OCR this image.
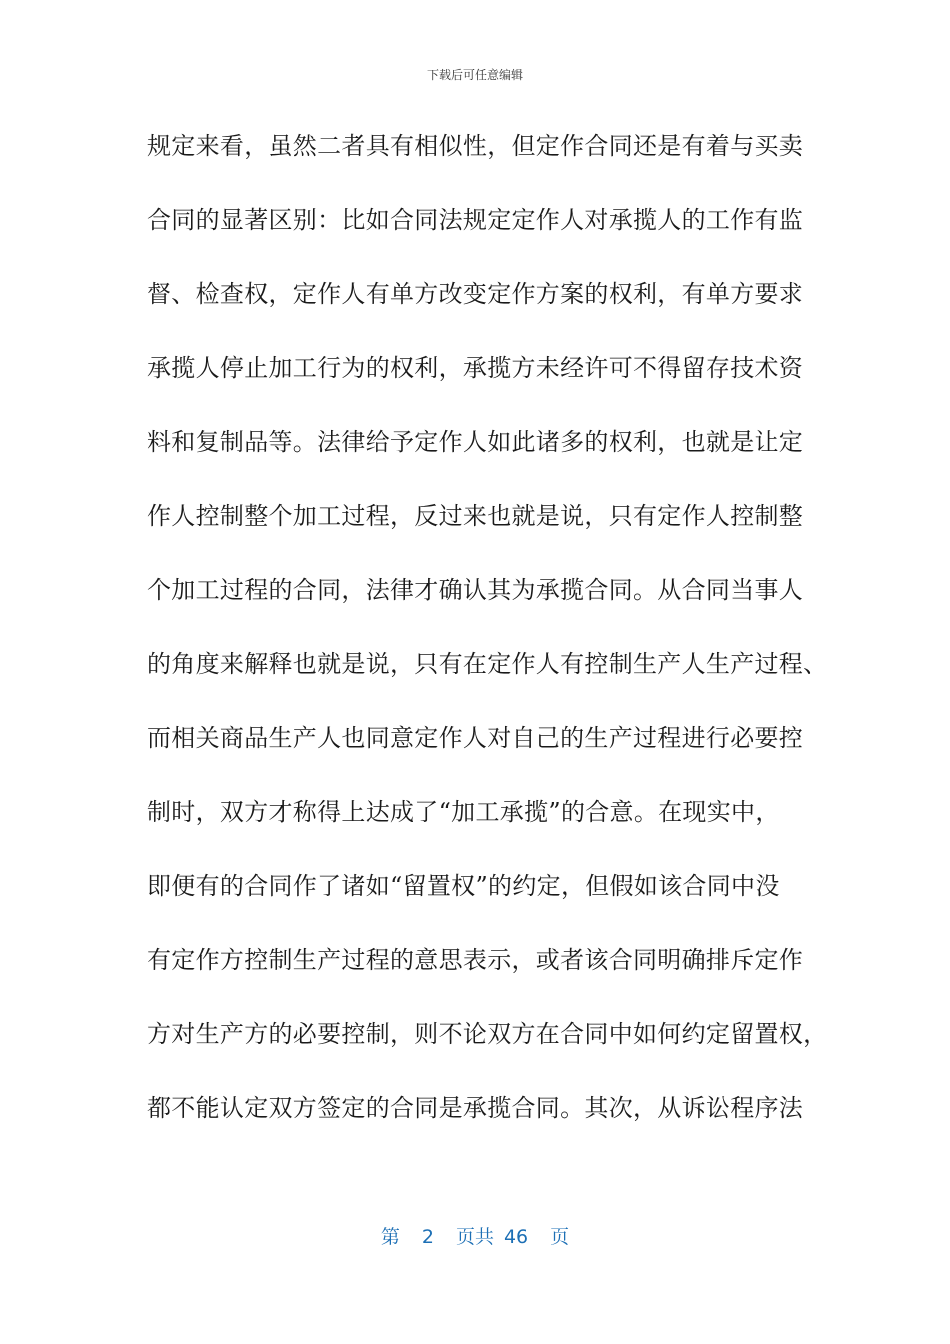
下载后可任意编辑
规定来看，虽然二者具有相似性，但定作合同还是有着与买卖
合同的显著区别：比如合同法规定定作人对承揽人的工作有监
督、检查权，定作人有单方改变定作方案的权利，有单方要求
承揽人停止加工行为的权利，承揽方未经许可不得留存技术资
料和复制品等。法律给予定作人如此诸多的权利，也就是让定
作人控制整个加工过程，反过来也就是说，只有定作人控制整
个加工过程的合同，法律才确认其为承揽合同。从合同当事人
的角度来解释也就是说，只有在定作人有控制生产人生产过程、
而相关商品生产人也同意定作人对自己的生产过程进行必要控
制时，双方才称得上达成了“加工承揽”的合意。在现实中，
即便有的合同作了诸如“留置权”的约定，但假如该合同中没
有定作方控制生产过程的意思表示，或者该合同明确排斥定作
方对生产方的必要控制，则不论双方在合同中如何约定留置权，
都不能认定双方签定的合同是承揽合同。其次，从诉讼程序法
第 2 页共 46 页
